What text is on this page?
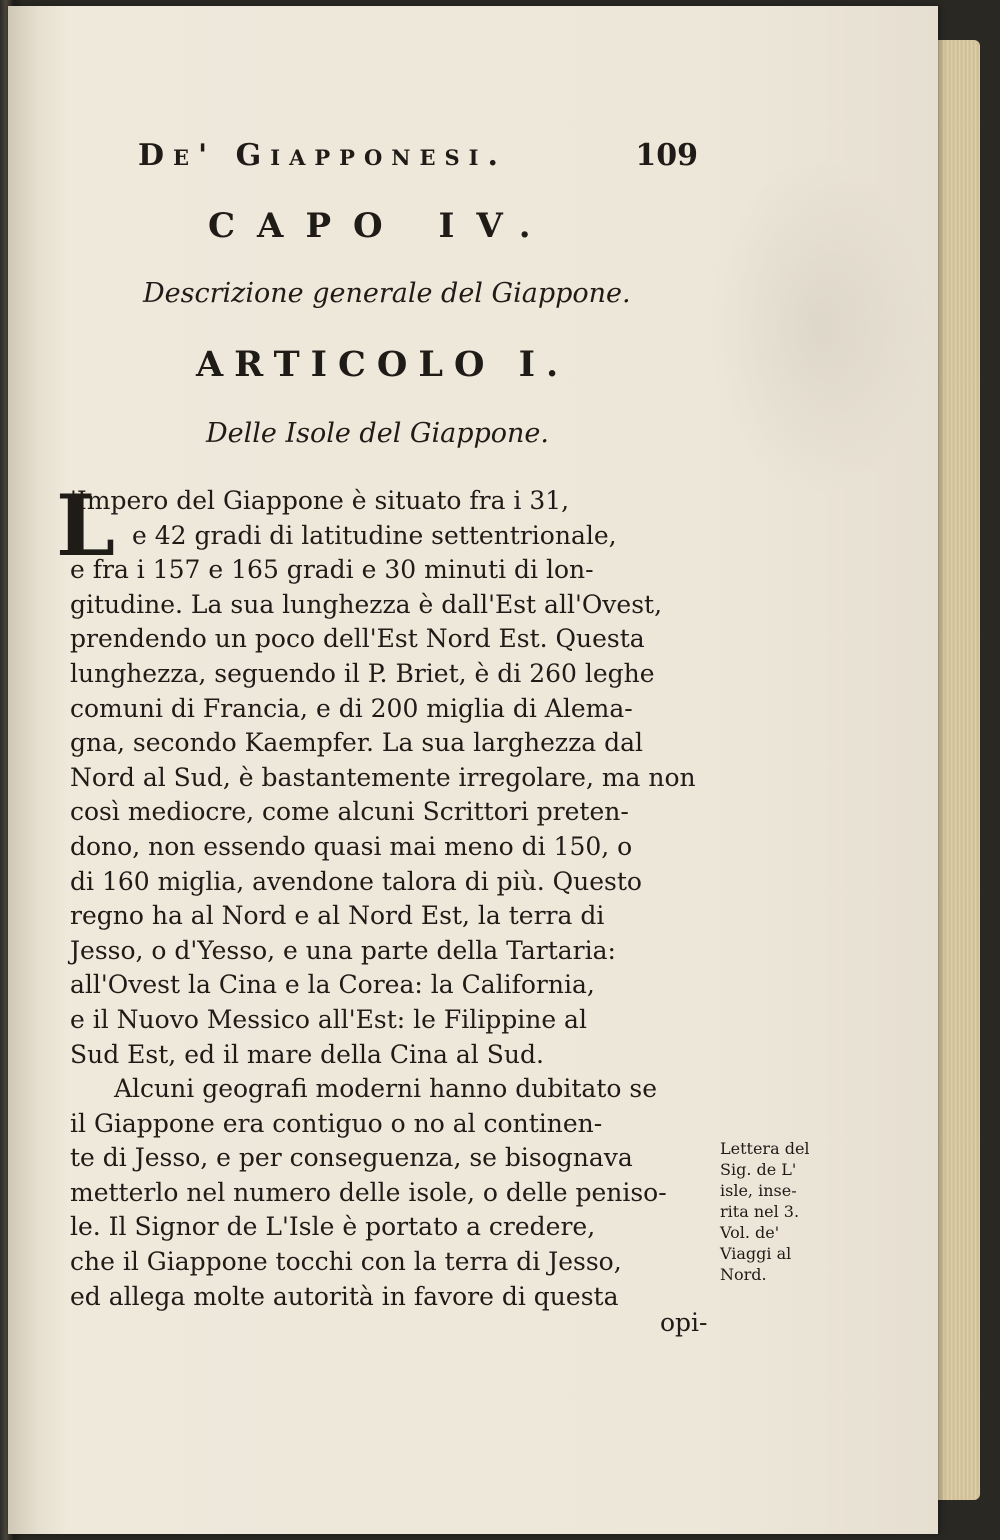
De' Giapponesi.	109
CAPO IV.
Descrizione generale del Giappone.
ARTICOLO I.
Delle Isole del Giappone.
L
'Impero del Giappone è situato fra i 31,
e 42 gradi di latitudine settentrionale,
e fra i 157 e 165 gradi e 30 minuti di lon-
gitudine. La sua lunghezza è dall'Est all'Ovest,
prendendo un poco dell'Est Nord Est. Questa
lunghezza, seguendo il P. Briet, è di 260 leghe
comuni di Francia, e di 200 miglia di Alema-
gna, secondo Kaempfer. La sua larghezza dal
Nord al Sud, è bastantemente irregolare, ma non
così mediocre, come alcuni Scrittori preten-
dono, non essendo quasi mai meno di 150, o
di 160 miglia, avendone talora di più. Questo
regno ha al Nord e al Nord Est, la terra di
Jesso, o d'Yesso, e una parte della Tartaria:
all'Ovest la Cina e la Corea: la California,
e il Nuovo Messico all'Est: le Filippine al
Sud Est, ed il mare della Cina al Sud.
Alcuni geografi moderni hanno dubitato se
il Giappone era contiguo o no al continen-
te di Jesso, e per conseguenza, se bisognava
metterlo nel numero delle isole, o delle peniso-
le. Il Signor de L'Isle è portato a credere,
che il Giappone tocchi con la terra di Jesso,
ed allega molte autorità in favore di questa
opi-
Lettera del
Sig. de L'
isle, inse-
rita nel 3.
Vol. de'
Viaggi al
Nord.
